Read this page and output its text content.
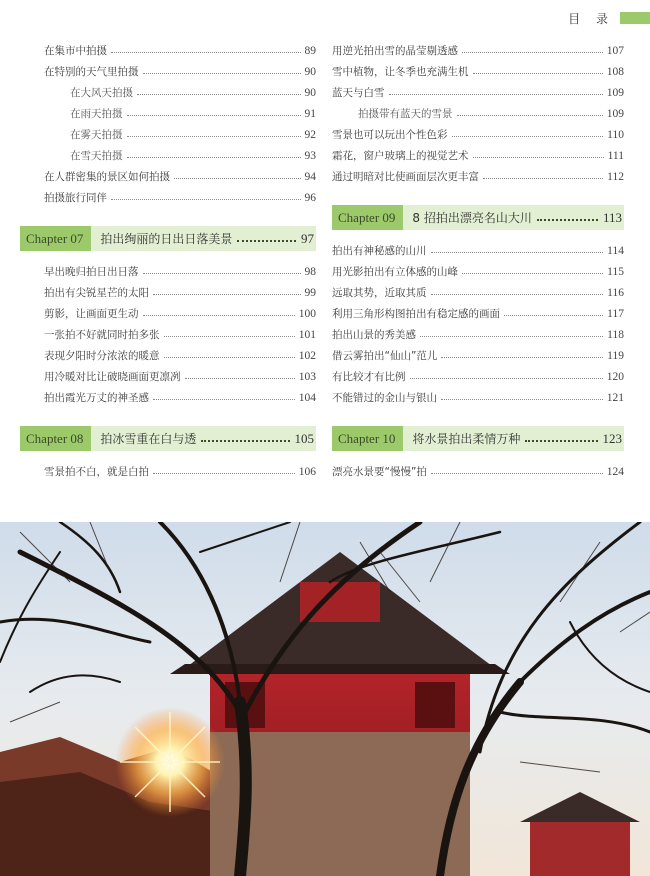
目 录
在集市中拍摄	89
在特别的天气里拍摄	90
在大风天拍摄	90
在雨天拍摄	91
在雾天拍摄	92
在雪天拍摄	93
在人群密集的景区如何拍摄	94
拍摄旅行同伴	96
Chapter 07	拍出绚丽的日出日落美景	97
早出晚归拍日出日落	98
拍出有尖锐星芒的太阳	99
剪影，让画面更生动	100
一张拍不好就同时拍多张	101
表现夕阳时分浓浓的暖意	102
用冷暖对比让破晓画面更凛冽	103
拍出霞光万丈的神圣感	104
Chapter 08	拍冰雪重在白与透	105
雪景拍不白，就是白拍	106
用逆光拍出雪的晶莹剔透感	107
雪中植物，让冬季也充满生机	108
蓝天与白雪	109
拍摄带有蓝天的雪景	109
雪景也可以玩出个性色彩	110
霜花，窗户玻璃上的视觉艺术	111
通过明暗对比使画面层次更丰富	112
Chapter 09	8 招拍出漂亮名山大川	113
拍出有神秘感的山川	114
用光影拍出有立体感的山峰	115
远取其势，近取其质	116
利用三角形构图拍出有稳定感的画面	117
拍出山景的秀美感	118
借云雾拍出“仙山”范儿	119
有比较才有比例	120
不能错过的金山与银山	121
Chapter 10	将水景拍出柔情万种	123
漂亮水景要“慢慢”拍	124
